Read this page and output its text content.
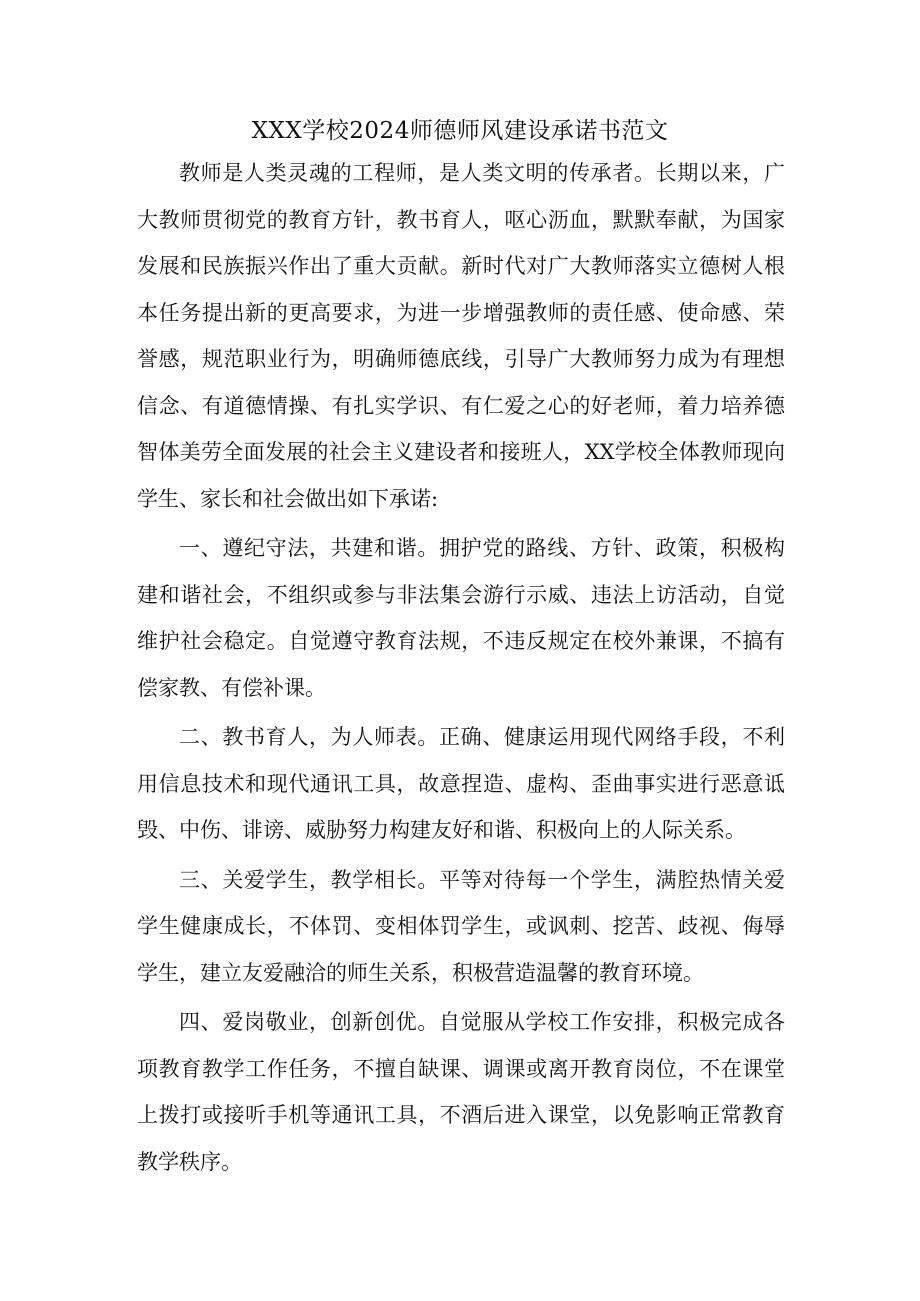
XXX学校2024师德师风建设承诺书范文

教师是人类灵魂的工程师，是人类文明的传承者。长期以来，广大教师贯彻党的教育方针，教书育人，呕心沥血，默默奉献，为国家发展和民族振兴作出了重大贡献。新时代对广大教师落实立德树人根本任务提出新的更高要求，为进一步增强教师的责任感、使命感、荣誉感，规范职业行为，明确师德底线，引导广大教师努力成为有理想信念、有道德情操、有扎实学识、有仁爱之心的好老师，着力培养德智体美劳全面发展的社会主义建设者和接班人，XX学校全体教师现向学生、家长和社会做出如下承诺:

一、遵纪守法，共建和谐。拥护党的路线、方针、政策，积极构建和谐社会，不组织或参与非法集会游行示威、违法上访活动，自觉维护社会稳定。自觉遵守教育法规，不违反规定在校外兼课，不搞有偿家教、有偿补课。

二、教书育人，为人师表。正确、健康运用现代网络手段，不利用信息技术和现代通讯工具，故意捏造、虚构、歪曲事实进行恶意诋毁、中伤、诽谤、威胁努力构建友好和谐、积极向上的人际关系。

三、关爱学生，教学相长。平等对待每一个学生，满腔热情关爱学生健康成长，不体罚、变相体罚学生，或讽刺、挖苦、歧视、侮辱学生，建立友爱融洽的师生关系，积极营造温馨的教育环境。

四、爱岗敬业，创新创优。自觉服从学校工作安排，积极完成各项教育教学工作任务，不擅自缺课、调课或离开教育岗位，不在课堂上拨打或接听手机等通讯工具，不酒后进入课堂，以免影响正常教育教学秩序。
